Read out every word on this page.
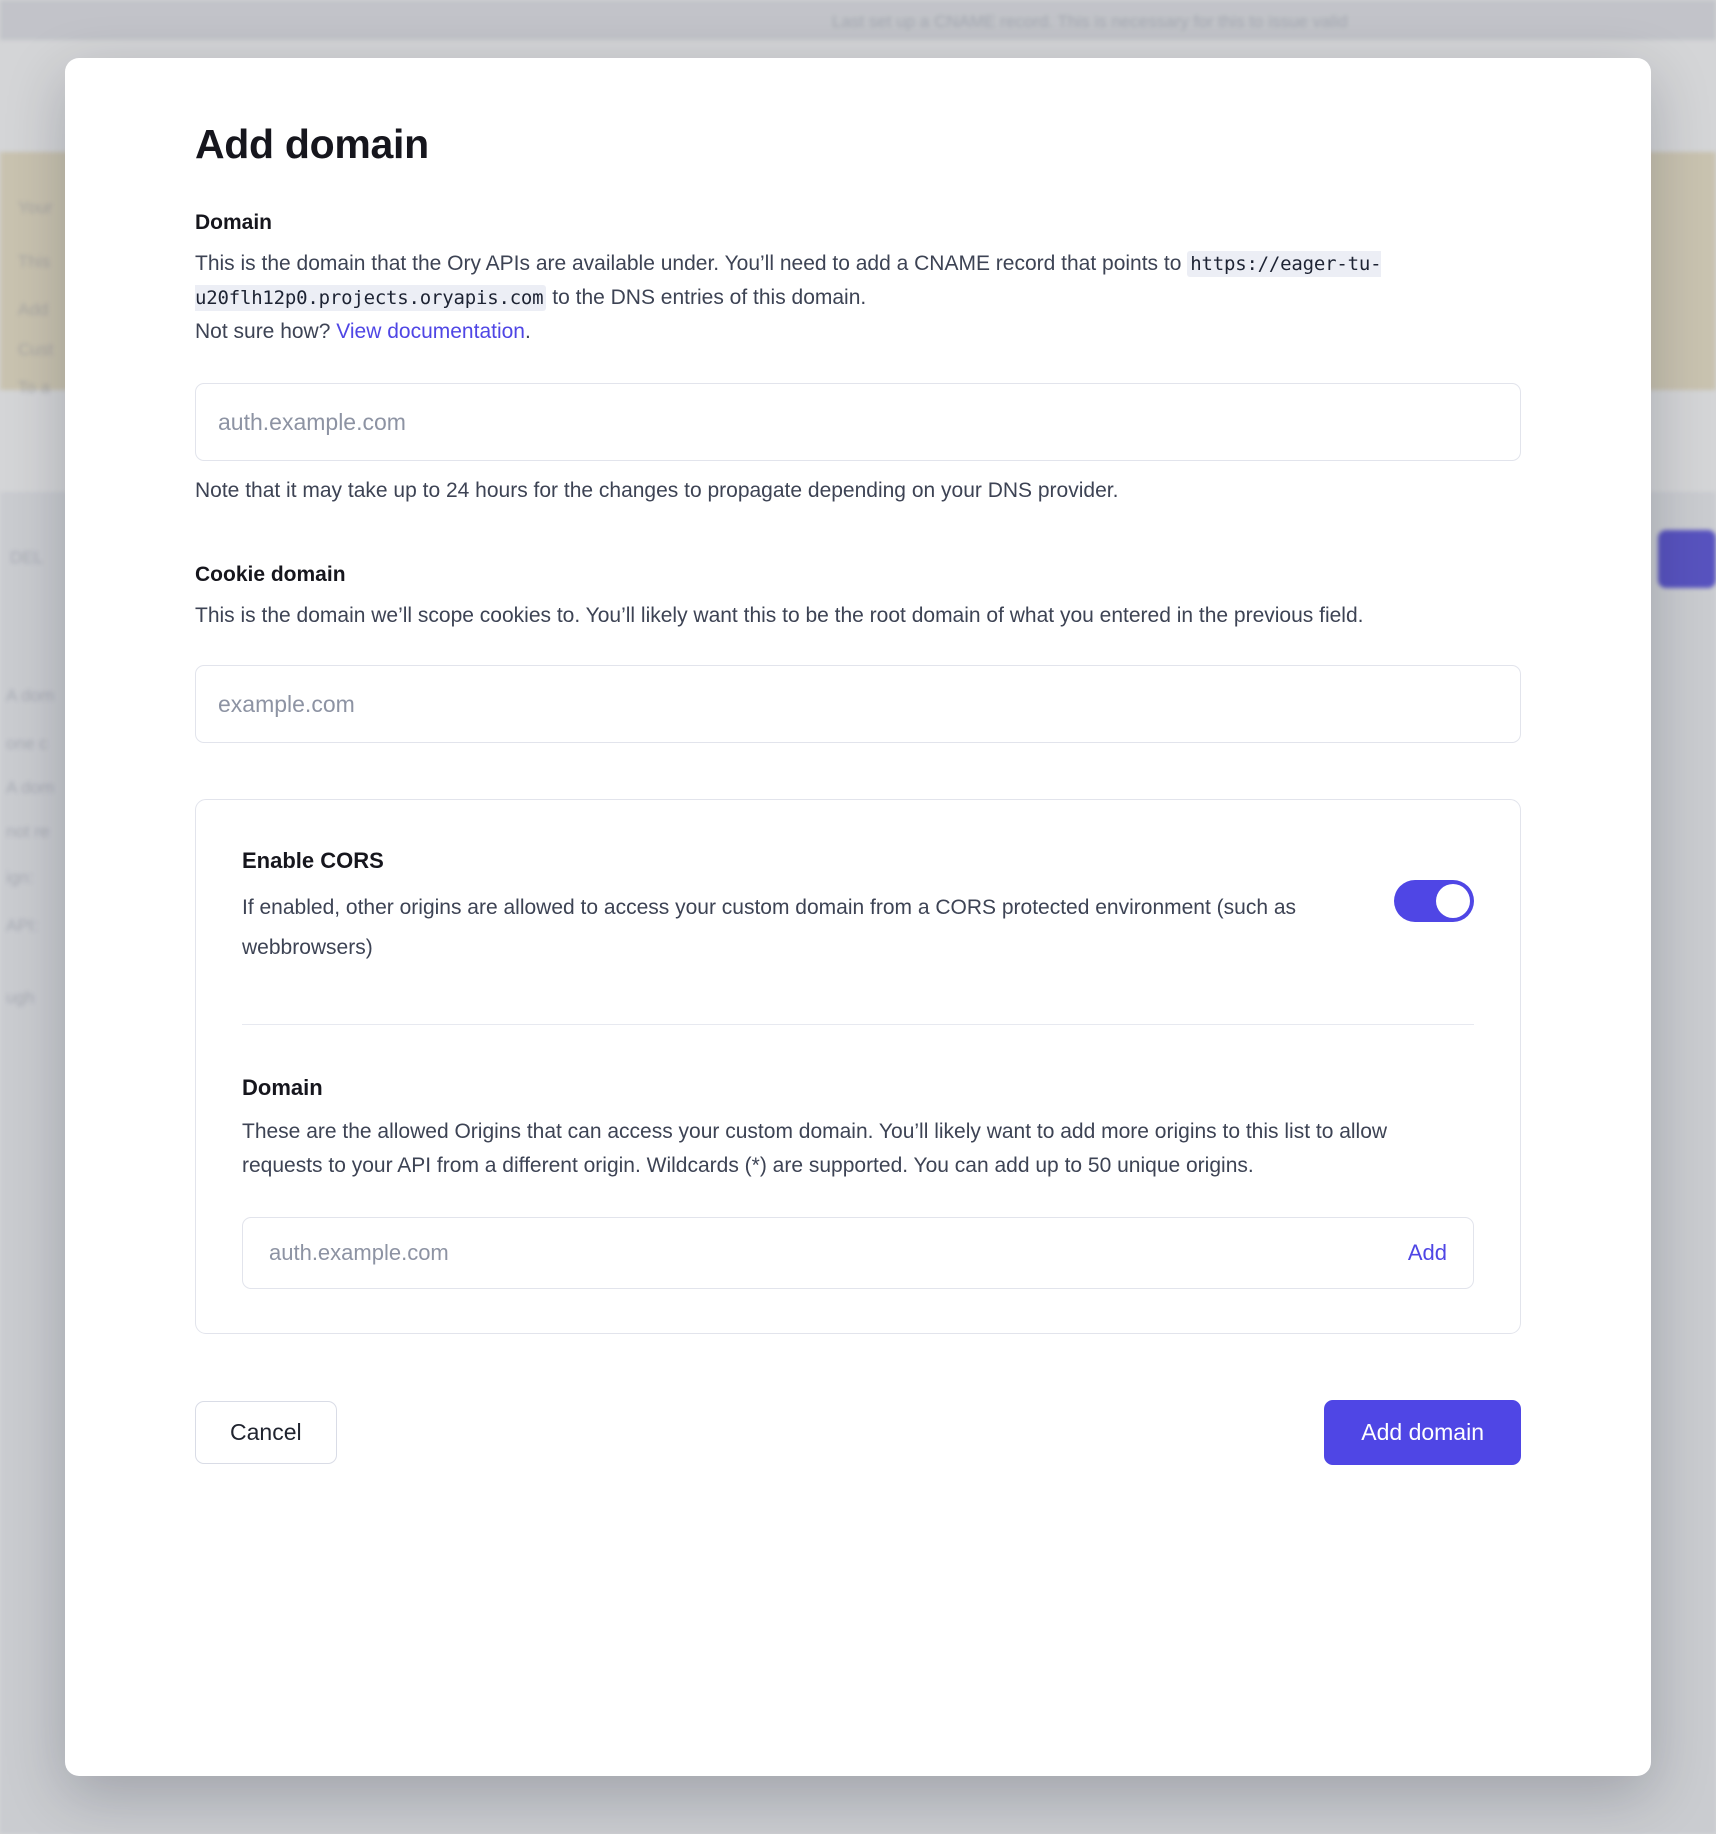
Last set up a CNAME record. This is necessary for this to issue valid
Your
This
Add
Cust
To a
DEL
A dom
one c
A dom
not re
ign:
API:
ugh
Add domain
Domain

This is the domain that the Ory APIs are available under. You’ll need to add a CNAME record that points to https://eager-tu-u20flh12p0.projects.oryapis.com to the DNS entries of this domain.
Not sure how? View documentation.

auth.example.com

Note that it may take up to 24 hours for the changes to propagate depending on your DNS provider.

Cookie domain

This is the domain we’ll scope cookies to. You’ll likely want this to be the root domain of what you entered in the previous field.

example.com
Enable CORS

If enabled, other origins are allowed to access your custom domain from a CORS protected environment (such as webbrowsers)

Domain

These are the allowed Origins that can access your custom domain. You’ll likely want to add more origins to this list to allow requests to your API from a different origin. Wildcards (*) are supported. You can add up to 50 unique origins.

auth.example.com
Add
Cancel	Add domain
